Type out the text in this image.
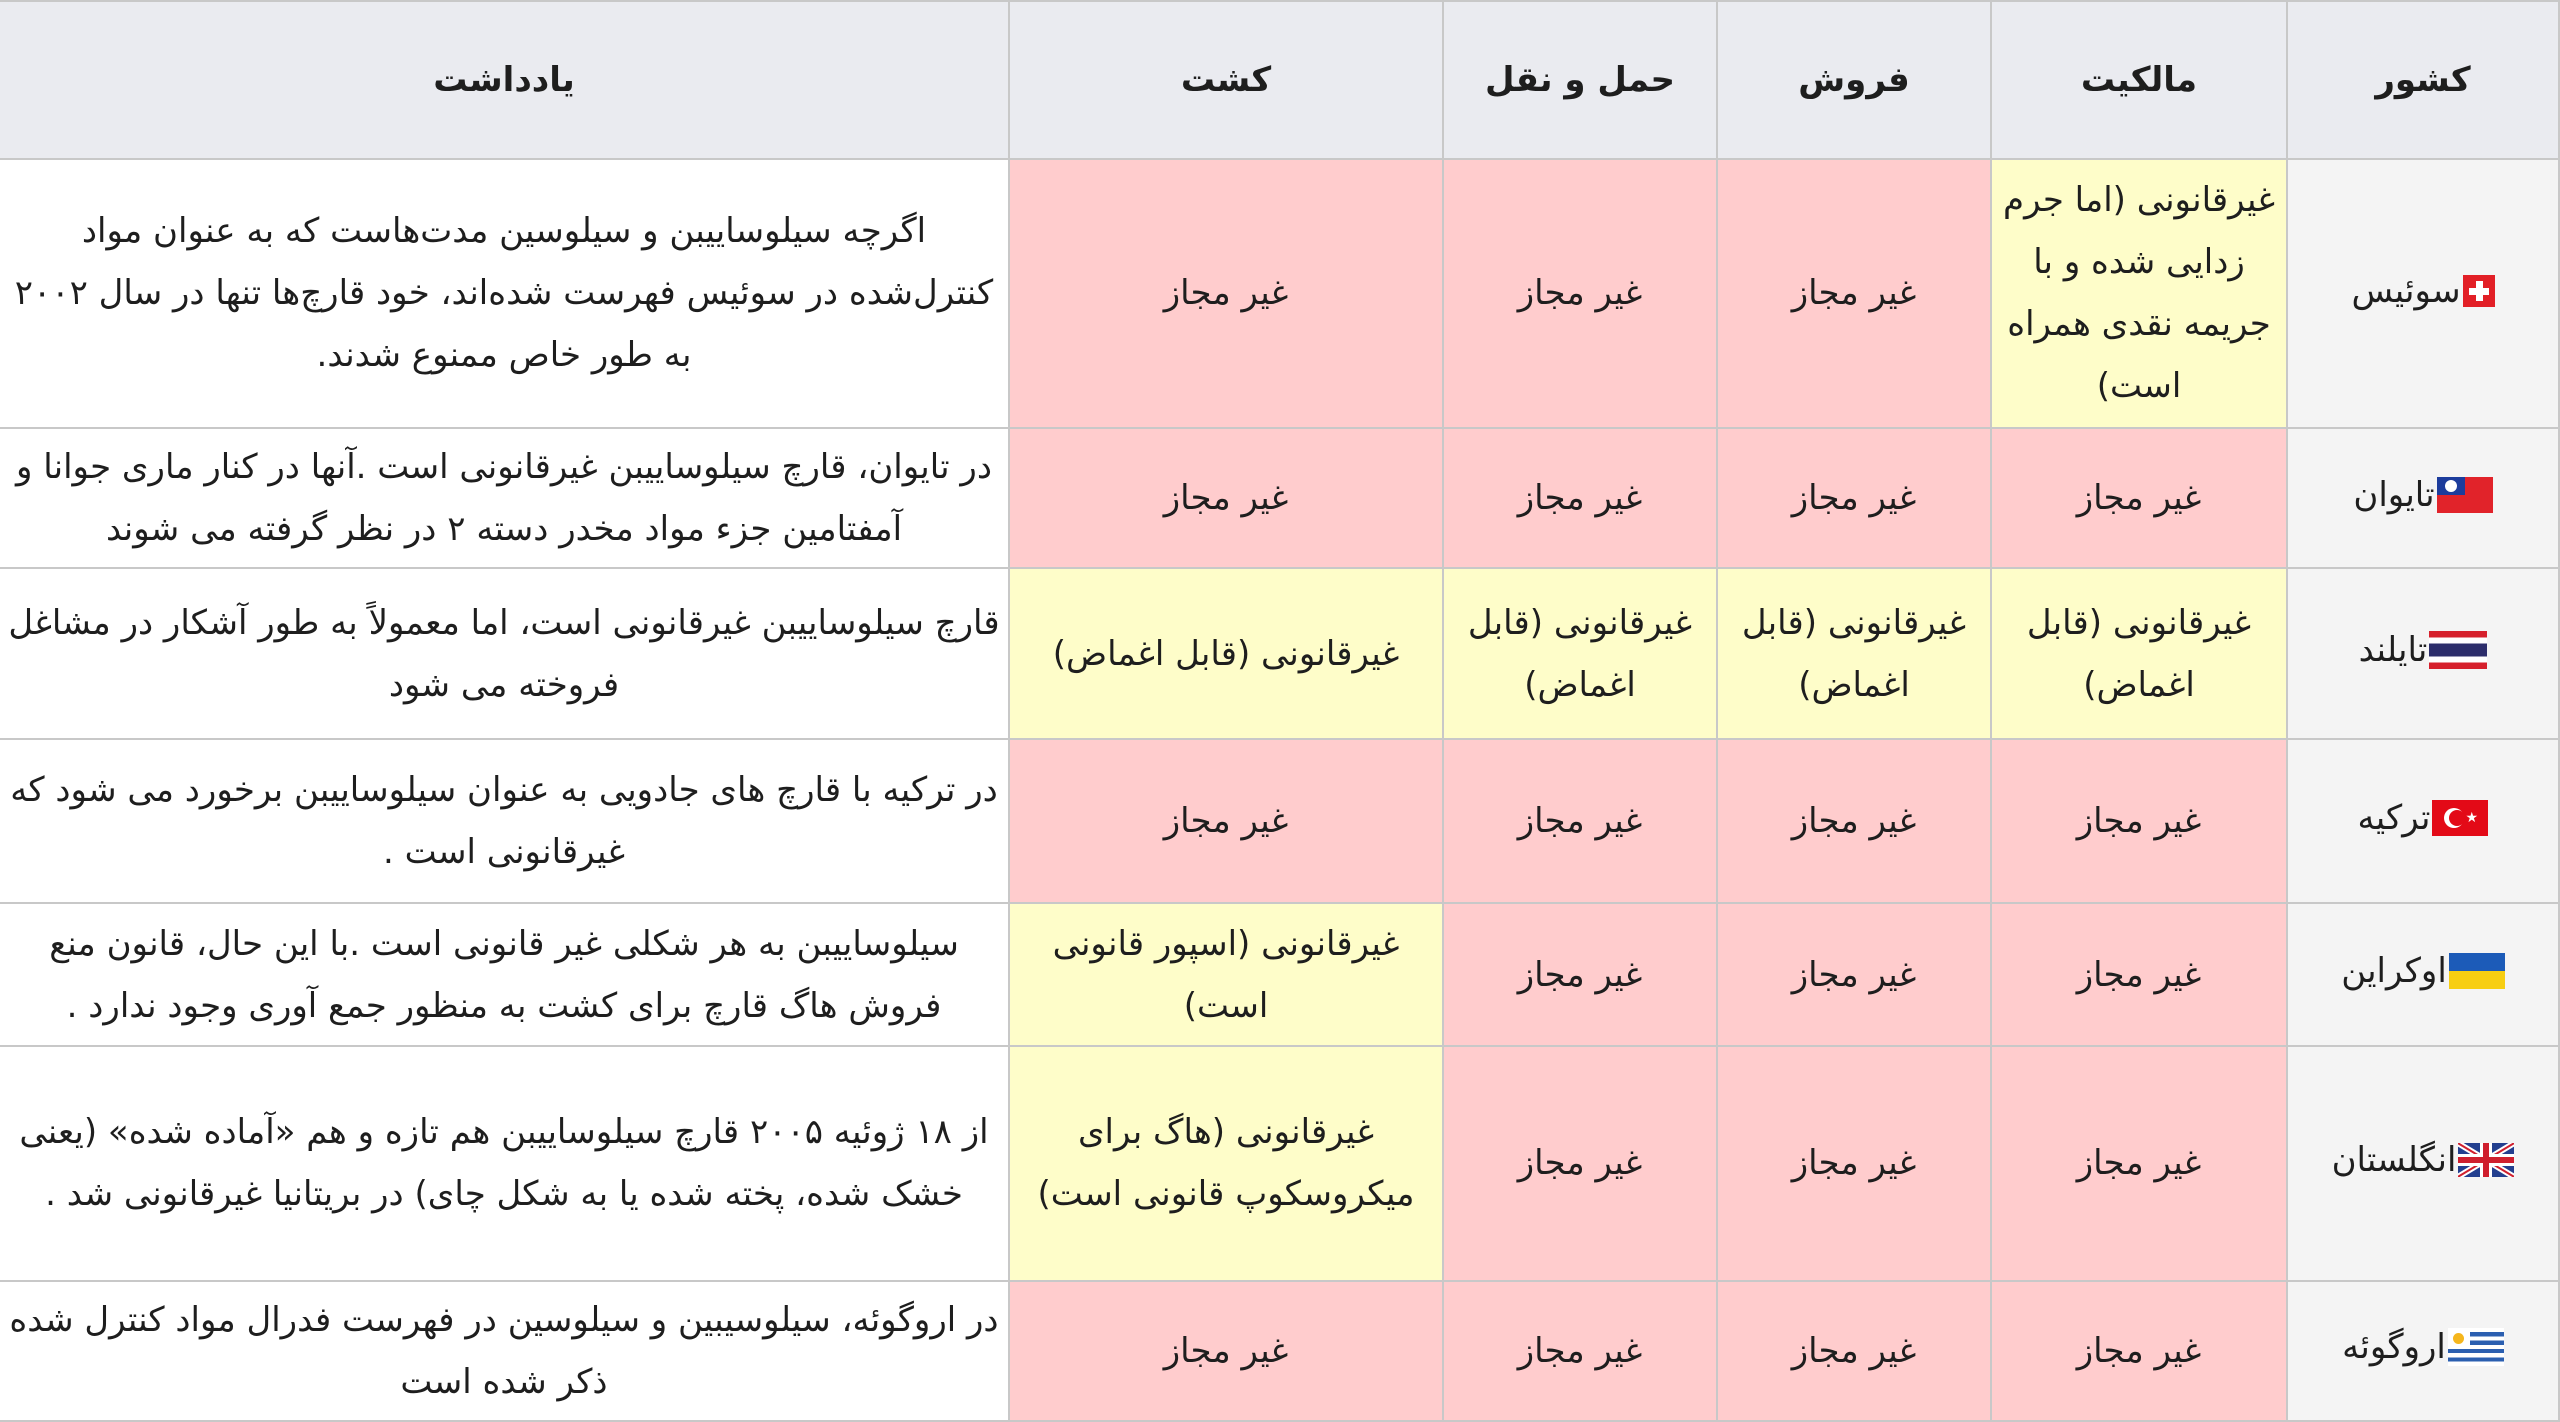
کشور	مالکیت	فروش	حمل و نقل	کشت	یادداشت

سوئیس	غیرقانونی (اما جرم زدایی شده و با جریمه نقدی همراه است)	غیر مجاز	غیر مجاز	غیر مجاز	اگرچه سیلوساییبن و سیلوسین مدت‌هاست که به عنوان مواد کنترل‌شده در سوئیس فهرست شده‌اند، خود قارچ‌ها تنها در سال ۲۰۰۲ به طور خاص ممنوع شدند.

تایوان	غیر مجاز	غیر مجاز	غیر مجاز	غیر مجاز	در تایوان، قارچ سیلوساییبن غیرقانونی است .آنها در کنار ماری جوانا و آمفتامین جزء مواد مخدر دسته ۲ در نظر گرفته می شوند

تایلند	غیرقانونی (قابل اغماض)	غیرقانونی (قابل اغماض)	غیرقانونی (قابل اغماض)	غیرقانونی (قابل اغماض)	قارچ سیلوساییبن غیرقانونی است، اما معمولاً به طور آشکار در مشاغل فروخته می شود

★
ترکیه	غیر مجاز	غیر مجاز	غیر مجاز	غیر مجاز	در ترکیه با قارچ های جادویی به عنوان سیلوساییبن برخورد می شود که غیرقانونی است .

اوکراین	غیر مجاز	غیر مجاز	غیر مجاز	غیرقانونی (اسپور قانونی است)	سیلوساییبن به هر شکلی غیر قانونی است .با این حال، قانون منع فروش هاگ قارچ برای کشت به منظور جمع آوری وجود ندارد .

انگلستان	غیر مجاز	غیر مجاز	غیر مجاز	غیرقانونی (هاگ برای میکروسکوپ قانونی است)	از ۱۸ ژوئیه ۲۰۰۵ قارچ سیلوساییبن هم تازه و هم «آماده شده» (یعنی خشک شده، پخته شده یا به شکل چای) در بریتانیا غیرقانونی شد .

اروگوئه	غیر مجاز	غیر مجاز	غیر مجاز	غیر مجاز	در اروگوئه، سیلوسیبین و سیلوسین در فهرست فدرال مواد کنترل شده ذکر شده است
